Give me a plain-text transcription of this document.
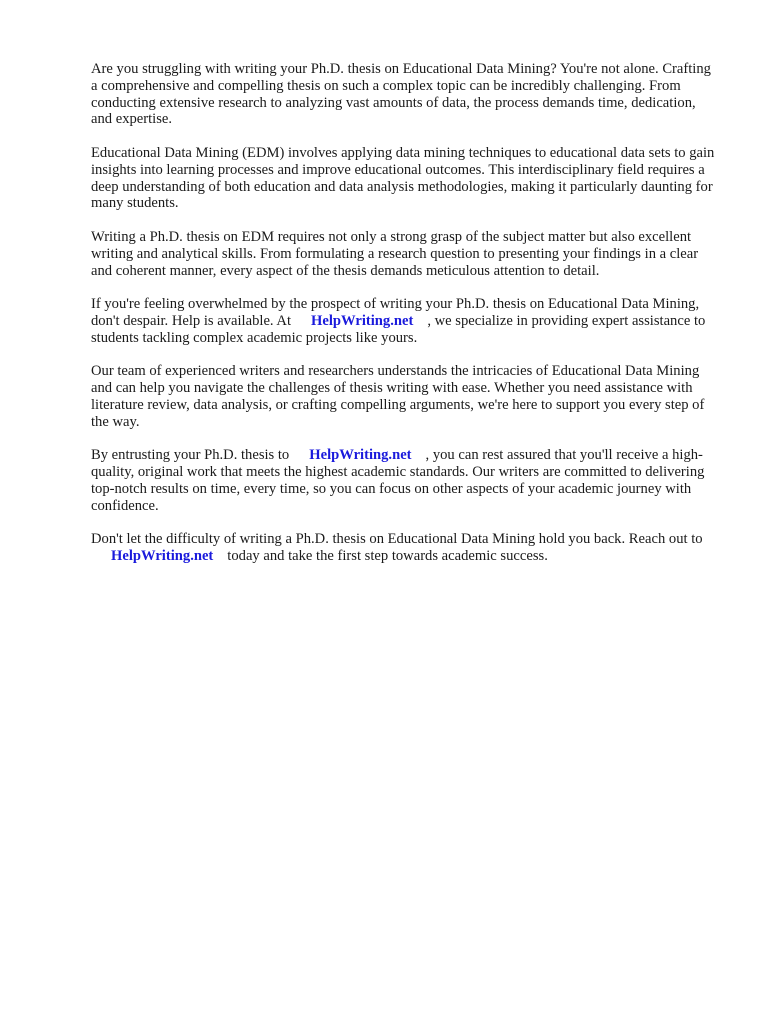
Are you struggling with writing your Ph.D. thesis on Educational Data Mining? You're not alone. Crafting a comprehensive and compelling thesis on such a complex topic can be incredibly challenging. From conducting extensive research to analyzing vast amounts of data, the process demands time, dedication, and expertise.

Educational Data Mining (EDM) involves applying data mining techniques to educational data sets to gain insights into learning processes and improve educational outcomes. This interdisciplinary field requires a deep understanding of both education and data analysis methodologies, making it particularly daunting for many students.

Writing a Ph.D. thesis on EDM requires not only a strong grasp of the subject matter but also excellent writing and analytical skills. From formulating a research question to presenting your findings in a clear and coherent manner, every aspect of the thesis demands meticulous attention to detail.

If you're feeling overwhelmed by the prospect of writing your Ph.D. thesis on Educational Data Mining, don't despair. Help is available. At HelpWriting.net , we specialize in providing expert assistance to students tackling complex academic projects like yours.

Our team of experienced writers and researchers understands the intricacies of Educational Data Mining and can help you navigate the challenges of thesis writing with ease. Whether you need assistance with literature review, data analysis, or crafting compelling arguments, we're here to support you every step of the way.

By entrusting your Ph.D. thesis to HelpWriting.net , you can rest assured that you'll receive a high-quality, original work that meets the highest academic standards. Our writers are committed to delivering top-notch results on time, every time, so you can focus on other aspects of your academic journey with confidence.

Don't let the difficulty of writing a Ph.D. thesis on Educational Data Mining hold you back. Reach out toHelpWriting.net today and take the first step towards academic success.
